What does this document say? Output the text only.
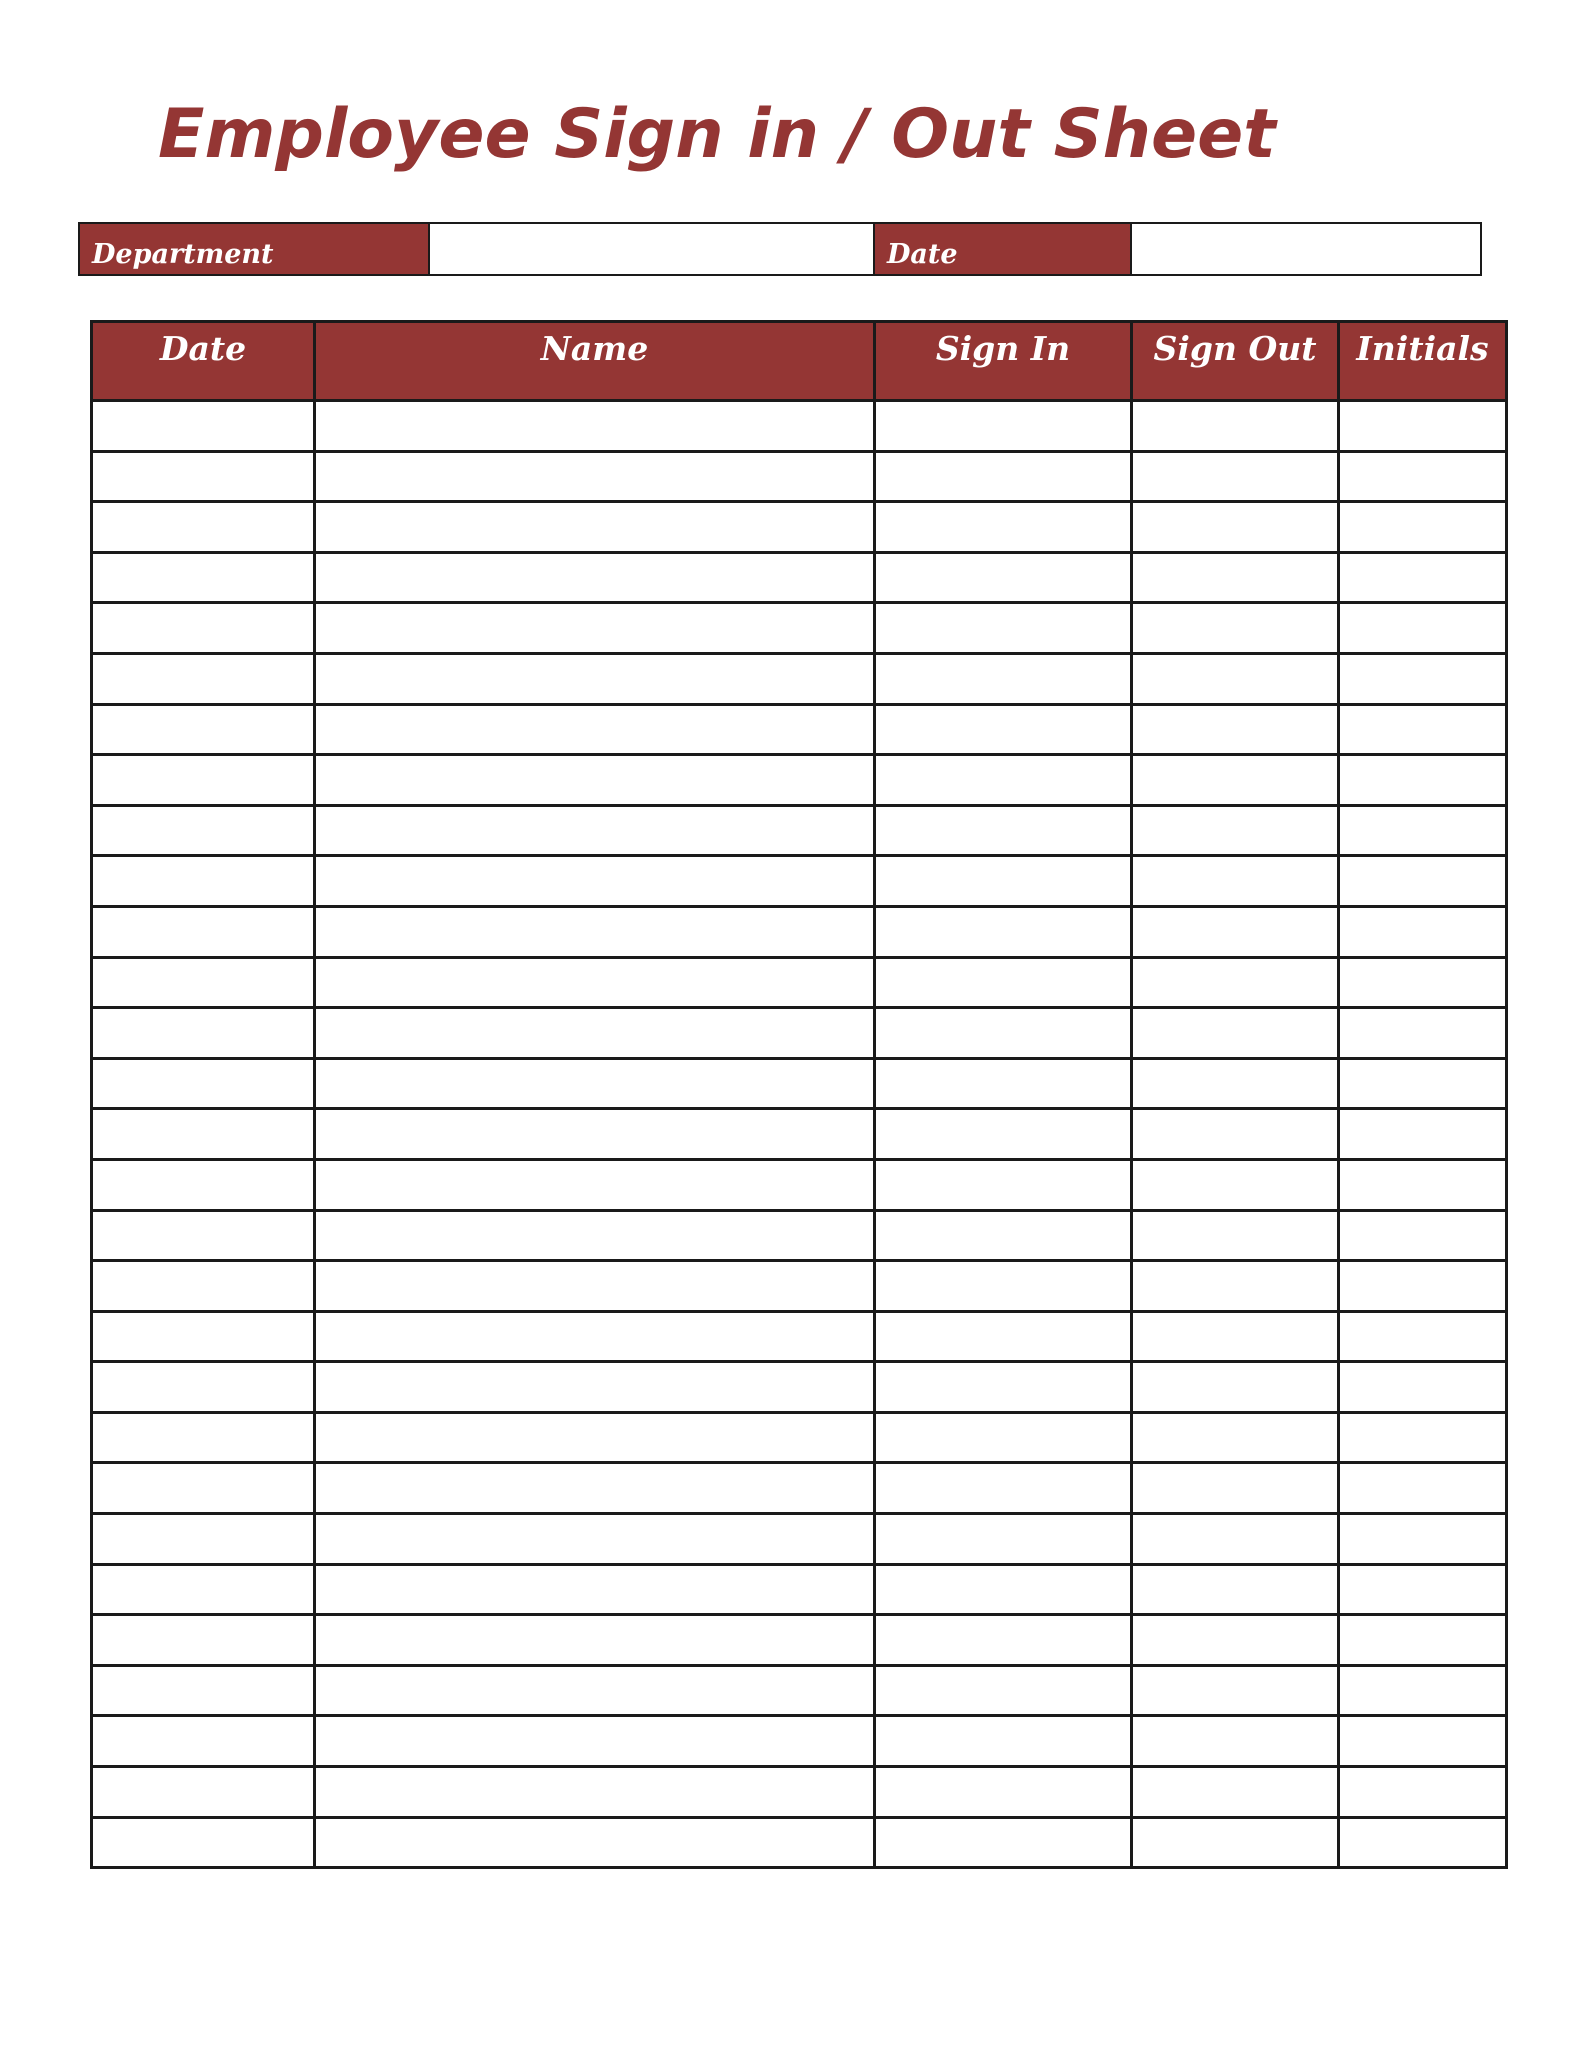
Employee Sign in / Out Sheet
Department	Date
Date	Name	Sign In	Sign Out	Initials
